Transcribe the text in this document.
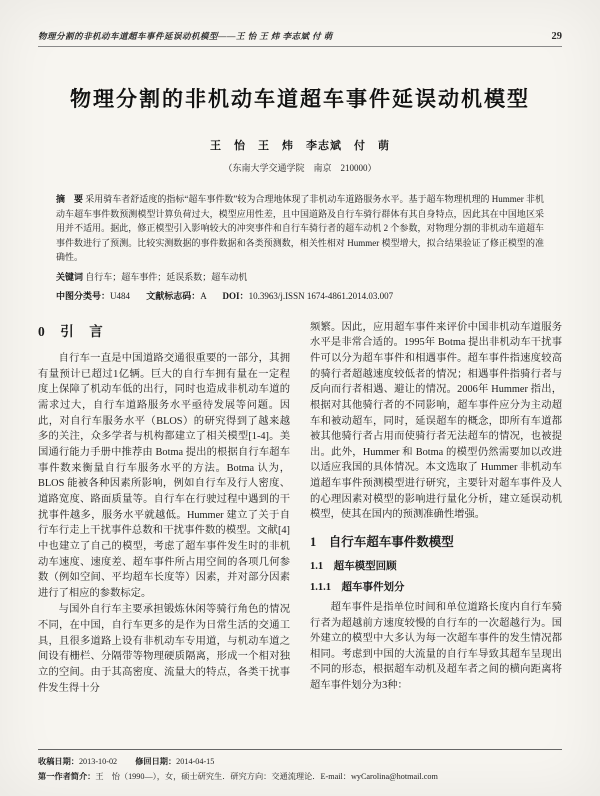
物理分割的非机动车道超车事件延误动机模型——王 怡 王 炜 李志斌 付 萌	29
物理分割的非机动车道超车事件延误动机模型
王　怡　王　炜　李志斌　付　萌
（东南大学交通学院　南京　210000）
摘　要 采用骑车者舒适度的指标“超车事件数”较为合理地体现了非机动车道路服务水平。基于超车物理机理的 Hummer 非机动车超车事件数预测模型计算负荷过大，模型应用性差，且中国道路及自行车骑行群体有其自身特点，因此其在中国地区采用并不适用。据此，修正模型引入影响较大的冲突事件和自行车骑行者的超车动机 2 个参数，对物理分割的非机动车道超车事件数进行了预测。比较实测数据的事件数据和各类预测数，相关性相对 Hummer 模型增大，拟合结果验证了修正模型的准确性。
关键词 自行车；超车事件；延误系数；超车动机
中图分类号：U484 文献标志码：A DOI：10.3963/j.ISSN 1674-4861.2014.03.007
0　引　言

自行车一直是中国道路交通很重要的一部分，其拥有量预计已超过1亿辆。巨大的自行车拥有量在一定程度上保障了机动车低的出行，同时也造成非机动车道的需求过大，自行车道路服务水平亟待发展等问题。因此，对自行车服务水平（BLOS）的研究得到了越来越多的关注，众多学者与机构都建立了相关模型[1-4]。美国通行能力手册中推荐由 Botma 提出的根据自行车超车事件数来衡量自行车服务水平的方法。Botma 认为，BLOS 能被各种因素所影响，例如自行车及行人密度、道路宽度、路面质量等。自行车在行驶过程中遇到的干扰事件越多，服务水平就越低。Hummer 建立了关于自行车行走上干扰事件总数和干扰事件数的模型。文献[4]中也建立了自己的模型，考虑了超车事件发生时的非机动车速度、速度差、超车事件所占用空间的各项几何参数（例如空间、平均超车长度等）因素，并对部分因素进行了相应的参数标定。

与国外自行车主要承担锻炼休闲等骑行角色的情况不同，在中国，自行车更多的是作为日常生活的交通工具，且很多道路上设有非机动车专用道，与机动车道之间设有栅栏、分隔带等物理硬质隔离，形成一个相对独立的空间。由于其高密度、流量大的特点，各类干扰事件发生得十分

频繁。因此，应用超车事件来评价中国非机动车道服务水平是非常合适的。1995年 Botma 提出非机动车干扰事件可以分为超车事件和相遇事件。超车事件指速度较高的骑行者超越速度较低者的情况；相遇事件指骑行者与反向而行者相遇、避让的情况。2006年 Hummer 指出，根据对其他骑行者的不同影响，超车事件应分为主动超车和被动超车，同时，延误超车的概念，即所有车道都被其他骑行者占用而使骑行者无法超车的情况，也被提出。此外，Hummer 和 Botma 的模型仍然需要加以改进以适应我国的具体情况。本文选取了 Hummer 非机动车道超车事件预测模型进行研究，主要针对超车事件及人的心理因素对模型的影响进行量化分析，建立延误动机模型，使其在国内的预测准确性增强。

1　自行车超车事件数模型
1.1　超车模型回顾
1.1.1　超车事件划分

超车事件是指单位时间和单位道路长度内自行车骑行者为超越前方速度较慢的自行车的一次超越行为。国外建立的模型中大多认为每一次超车事件的发生情况都相同。考虑到中国的大流量的自行车导致其超车呈现出不同的形态，根据超车动机及超车者之间的横向距离将超车事件划分为3种：

收稿日期：2013-10-02 修回日期：2014-04-15
第一作者简介：王　怡（1990—），女，硕士研究生．研究方向：交通流理论．E-mail：wyCarolina@hotmail.com
